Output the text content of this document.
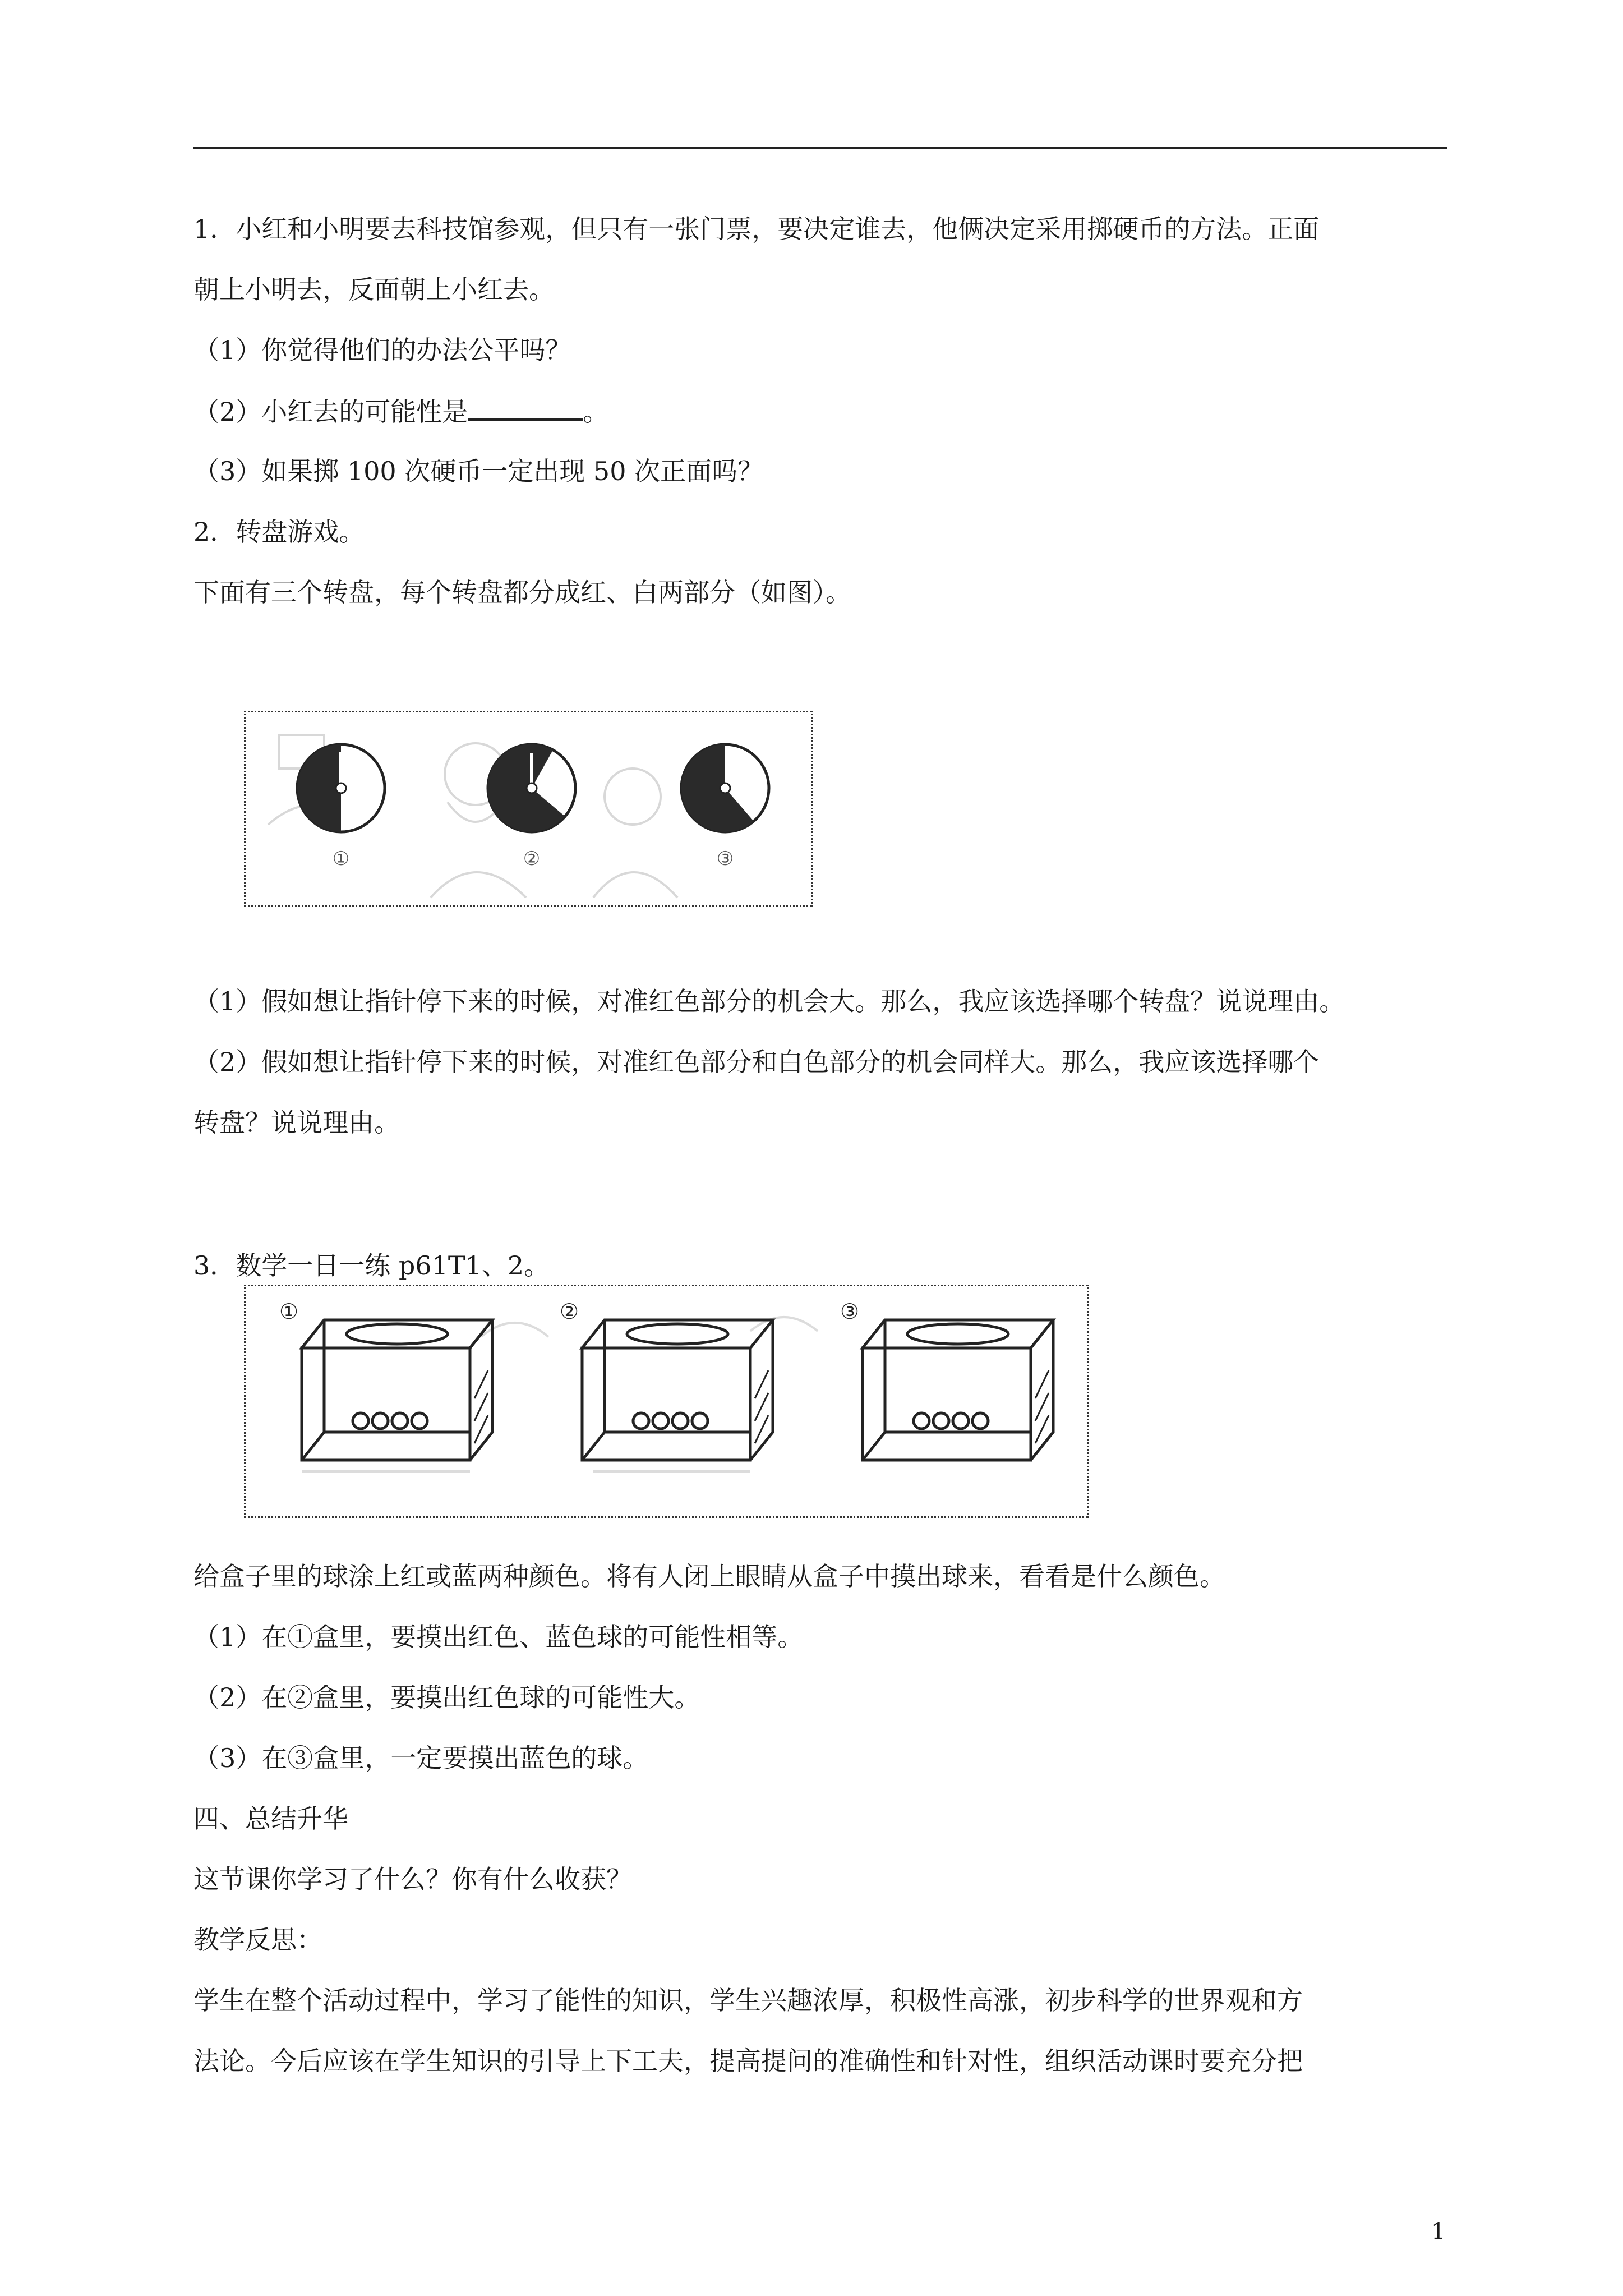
1．小红和小明要去科技馆参观，但只有一张门票，要决定谁去，他俩决定采用掷硬币的方法。正面
朝上小明去，反面朝上小红去。
（1）你觉得他们的办法公平吗？
（2）小红去的可能性是	。
（3）如果掷 100 次硬币一定出现 50 次正面吗？
2．转盘游戏。
下面有三个转盘，每个转盘都分成红、白两部分（如图）。
①	②	③
（1）假如想让指针停下来的时候，对准红色部分的机会大。那么，我应该选择哪个转盘？说说理由。
（2）假如想让指针停下来的时候，对准红色部分和白色部分的机会同样大。那么，我应该选择哪个
转盘？说说理由。
3．数学一日一练 p61T1、2。
①	②	③
给盒子里的球涂上红或蓝两种颜色。将有人闭上眼睛从盒子中摸出球来，看看是什么颜色。
（1）在①盒里，要摸出红色、蓝色球的可能性相等。
（2）在②盒里，要摸出红色球的可能性大。
（3）在③盒里，一定要摸出蓝色的球。
四、总结升华
这节课你学习了什么？你有什么收获？
教学反思：
学生在整个活动过程中，学习了能性的知识，学生兴趣浓厚，积极性高涨，初步科学的世界观和方
法论。今后应该在学生知识的引导上下工夫，提高提问的准确性和针对性，组织活动课时要充分把
1
